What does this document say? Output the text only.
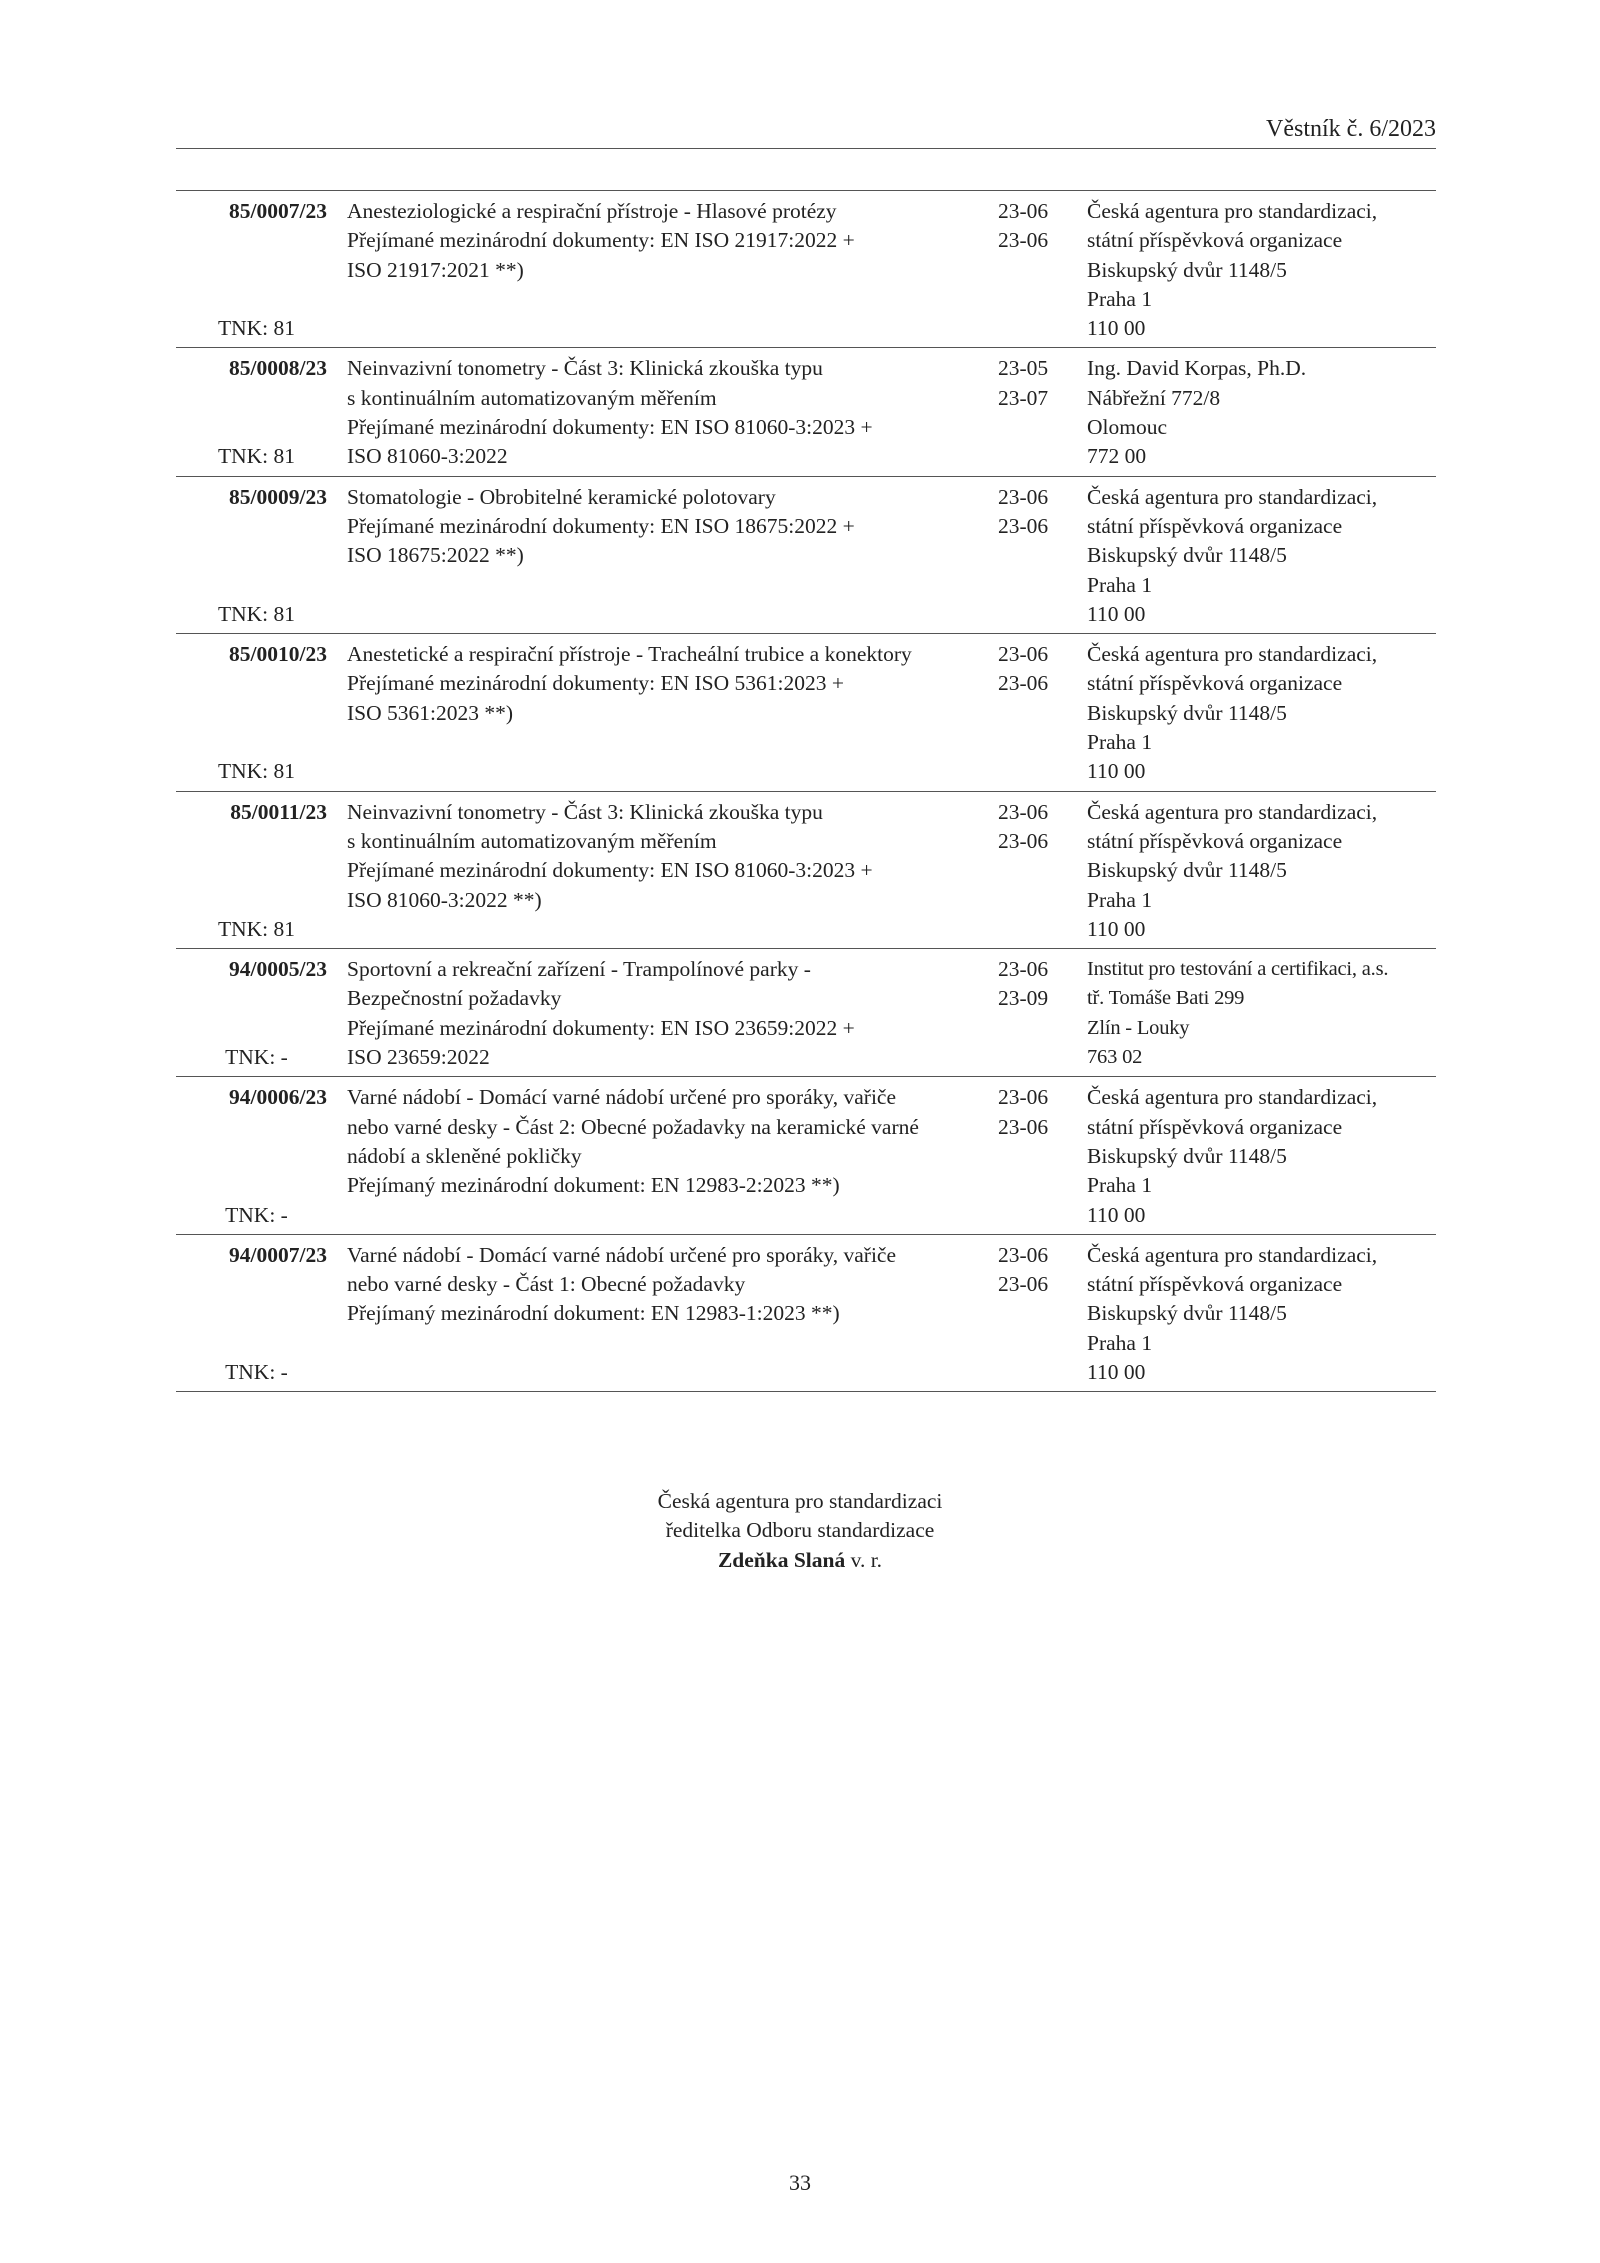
Věstník č. 6/2023
85/0007/23
TNK: 81
Anesteziologické a respirační přístroje - Hlasové protézy
Přejímané mezinárodní dokumenty: EN ISO 21917:2022 +
ISO 21917:2021 **)
23-06
23-06
Česká agentura pro standardizaci,
státní příspěvková organizace
Biskupský dvůr 1148/5
Praha 1
110 00
85/0008/23
TNK: 81
Neinvazivní tonometry - Část 3: Klinická zkouška typu
s kontinuálním automatizovaným měřením
Přejímané mezinárodní dokumenty: EN ISO 81060-3:2023 +
ISO 81060-3:2022
23-05
23-07
Ing. David Korpas, Ph.D.
Nábřežní 772/8
Olomouc
772 00
85/0009/23
TNK: 81
Stomatologie - Obrobitelné keramické polotovary
Přejímané mezinárodní dokumenty: EN ISO 18675:2022 +
ISO 18675:2022 **)
23-06
23-06
Česká agentura pro standardizaci,
státní příspěvková organizace
Biskupský dvůr 1148/5
Praha 1
110 00
85/0010/23
TNK: 81
Anestetické a respirační přístroje - Tracheální trubice a konektory
Přejímané mezinárodní dokumenty: EN ISO 5361:2023 +
ISO 5361:2023 **)
23-06
23-06
Česká agentura pro standardizaci,
státní příspěvková organizace
Biskupský dvůr 1148/5
Praha 1
110 00
85/0011/23
TNK: 81
Neinvazivní tonometry - Část 3: Klinická zkouška typu
s kontinuálním automatizovaným měřením
Přejímané mezinárodní dokumenty: EN ISO 81060-3:2023 +
ISO 81060-3:2022 **)
23-06
23-06
Česká agentura pro standardizaci,
státní příspěvková organizace
Biskupský dvůr 1148/5
Praha 1
110 00
94/0005/23
TNK: -
Sportovní a rekreační zařízení - Trampolínové parky -
Bezpečnostní požadavky
Přejímané mezinárodní dokumenty: EN ISO 23659:2022 +
ISO 23659:2022
23-06
23-09
Institut pro testování a certifikaci, a.s.
tř. Tomáše Bati 299
Zlín - Louky
763 02
94/0006/23
TNK: -
Varné nádobí - Domácí varné nádobí určené pro sporáky, vařiče
nebo varné desky - Část 2: Obecné požadavky na keramické varné
nádobí a skleněné pokličky
Přejímaný mezinárodní dokument: EN 12983-2:2023 **)
23-06
23-06
Česká agentura pro standardizaci,
státní příspěvková organizace
Biskupský dvůr 1148/5
Praha 1
110 00
94/0007/23
TNK: -
Varné nádobí - Domácí varné nádobí určené pro sporáky, vařiče
nebo varné desky - Část 1: Obecné požadavky
Přejímaný mezinárodní dokument: EN 12983-1:2023 **)
23-06
23-06
Česká agentura pro standardizaci,
státní příspěvková organizace
Biskupský dvůr 1148/5
Praha 1
110 00
Česká agentura pro standardizaci
ředitelka Odboru standardizace
Zdeňka Slaná v. r.
33
